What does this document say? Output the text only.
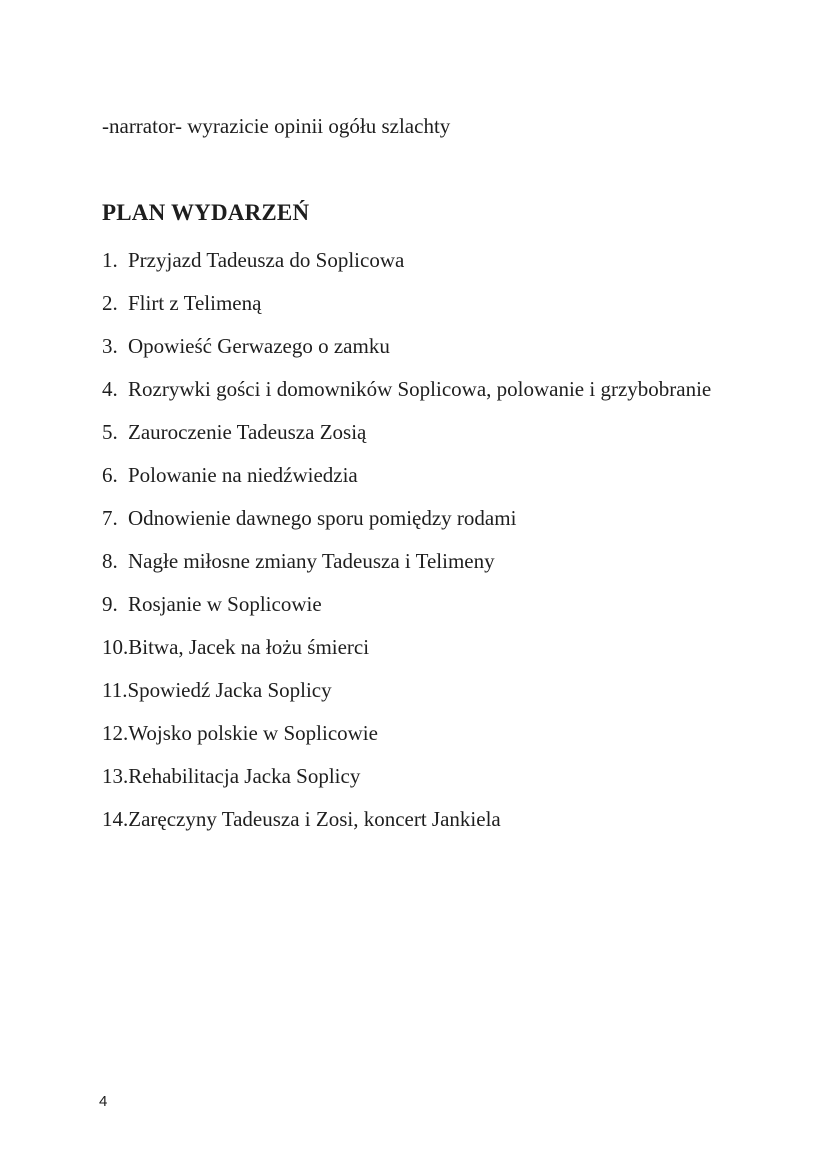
-narrator- wyrazicie opinii ogółu szlachty
PLAN WYDARZEŃ
1. Przyjazd Tadeusza do Soplicowa
2. Flirt z Telimeną
3. Opowieść Gerwazego o zamku
4. Rozrywki gości i domowników Soplicowa, polowanie i grzybobranie
5. Zauroczenie Tadeusza Zosią
6. Polowanie na niedźwiedzia
7. Odnowienie dawnego sporu pomiędzy rodami
8. Nagłe miłosne zmiany Tadeusza i Telimeny
9. Rosjanie w Soplicowie
10. Bitwa, Jacek na łożu śmierci
11. Spowiedź Jacka Soplicy
12. Wojsko polskie w Soplicowie
13. Rehabilitacja Jacka Soplicy
14. Zaręczyny Tadeusza i Zosi, koncert Jankiela
4
